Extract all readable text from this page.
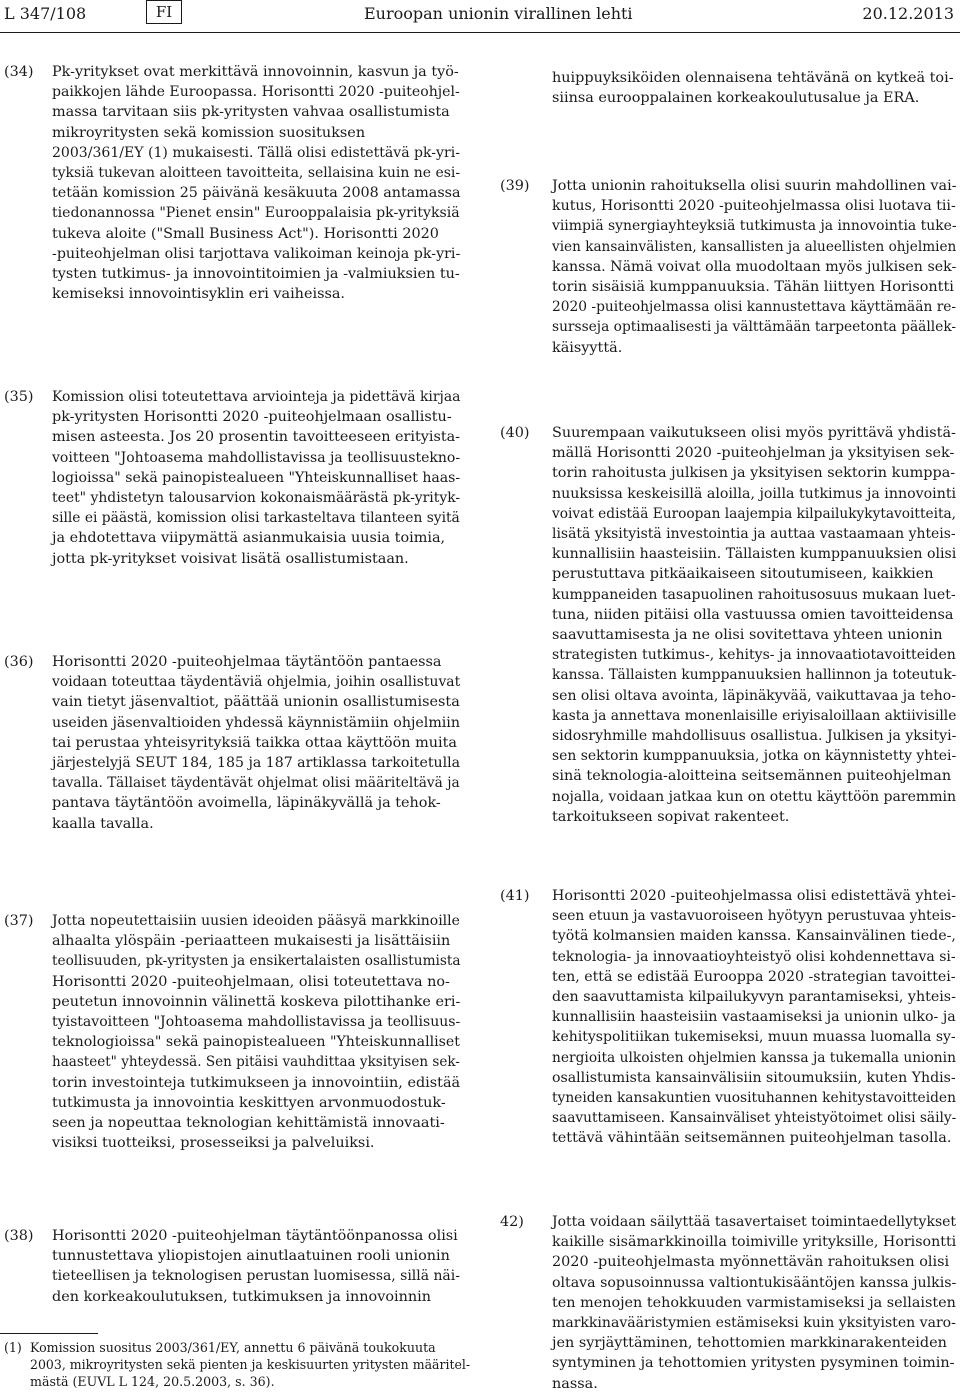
L 347/108	FI	Euroopan unionin virallinen lehti	20.12.2013
(34)	Pk-yritykset ovat merkittävä innovoinnin, kasvun ja työ-
paikkojen lähde Euroopassa. Horisontti 2020 -puiteohjel-
massa tarvitaan siis pk-yritysten vahvaa osallistumista
mikroyritysten sekä komission suosituksen
2003/361/EY (1) mukaisesti. Tällä olisi edistettävä pk-yri-
tyksiä tukevan aloitteen tavoitteita, sellaisina kuin ne esi-
tetään komission 25 päivänä kesäkuuta 2008 antamassa
tiedonannossa "Pienet ensin" Eurooppalaisia pk-yrityksiä
tukeva aloite ("Small Business Act"). Horisontti 2020
-puiteohjelman olisi tarjottava valikoiman keinoja pk-yri-
tysten tutkimus- ja innovointitoimien ja -valmiuksien tu-
kemiseksi innovointisyklin eri vaiheissa.
(35)	Komission olisi toteutettava arviointeja ja pidettävä kirjaa
pk-yritysten Horisontti 2020 -puiteohjelmaan osallistu-
misen asteesta. Jos 20 prosentin tavoitteeseen erityista-
voitteen "Johtoasema mahdollistavissa ja teollisuusteknо-
logioissa" sekä painopistealueen "Yhteiskunnalliset haas-
teet" yhdistetyn talousarvion kokonaismäärästä pk-yrityk-
sille ei päästä, komission olisi tarkasteltava tilanteen syitä
ja ehdotettava viipymättä asianmukaisia uusia toimia,
jotta pk-yritykset voisivat lisätä osallistumistaan.
(36)	Horisontti 2020 -puiteohjelmaa täytäntöön pantaessa
voidaan toteuttaa täydentäviä ohjelmia, joihin osallistuvat
vain tietyt jäsenvaltiot, päättää unionin osallistumisesta
useiden jäsenvaltioiden yhdessä käynnistämiin ohjelmiin
tai perustaa yhteisyrityksiä taikka ottaa käyttöön muita
järjestelyjä SEUT 184, 185 ja 187 artiklassa tarkoitetulla
tavalla. Tällaiset täydentävät ohjelmat olisi määriteltävä ja
pantava täytäntöön avoimella, läpinäkyvällä ja tehok-
kaalla tavalla.
(37)	Jotta nopeutettaisiin uusien ideoiden pääsyä markkinoille
alhaalta ylöspäin -periaatteen mukaisesti ja lisättäisiin
teollisuuden, pk-yritysten ja ensikertalaisten osallistumista
Horisontti 2020 -puiteohjelmaan, olisi toteutettava no-
peutetun innovoinnin välinettä koskeva pilottihanke eri-
tyistavoitteen "Johtoasema mahdollistavissa ja teollisuus-
teknologioissa" sekä painopistealueen "Yhteiskunnalliset
haasteet" yhteydessä. Sen pitäisi vauhdittaa yksityisen sek-
torin investointeja tutkimukseen ja innovointiin, edistää
tutkimusta ja innovointia keskittyen arvonmuodostuk-
seen ja nopeuttaa teknologian kehittämistä innovaati-
visiksi tuotteiksi, prosesseiksi ja palveluiksi.
(38)	Horisontti 2020 -puiteohjelman täytäntöönpanossa olisi
tunnustettava yliopistojen ainutlaatuinen rooli unionin
tieteellisen ja teknologisen perustan luomisessa, sillä näi-
den korkeakoulutuksen, tutkimuksen ja innovoinnin
(1) Komission suositus 2003/361/EY, annettu 6 päivänä toukokuuta
2003, mikroyritysten sekä pienten ja keskisuurten yritysten määritel-
mästä (EUVL L 124, 20.5.2003, s. 36).
huippuyksiköiden olennaisena tehtävänä on kytkeä toi-
siinsa eurooppalainen korkeakoulutusalue ja ERA.
(39)	Jotta unionin rahoituksella olisi suurin mahdollinen vai-
kutus, Horisontti 2020 -puiteohjelmassa olisi luotava tii-
viimpiä synergiayhteyksiä tutkimusta ja innovointia tuke-
vien kansainvälisten, kansallisten ja alueellisten ohjelmien
kanssa. Nämä voivat olla muodoltaan myös julkisen sek-
torin sisäisiä kumppanuuksia. Tähän liittyen Horisontti
2020 -puiteohjelmassa olisi kannustettava käyttämään re-
sursseja optimaalisesti ja välttämään tarpeetonta päällek-
käisyyttä.
(40)	Suurempaan vaikutukseen olisi myös pyrittävä yhdistä-
mällä Horisontti 2020 -puiteohjelman ja yksityisen sek-
torin rahoitusta julkisen ja yksityisen sektorin kumppa-
nuuksissa keskeisillä aloilla, joilla tutkimus ja innovointi
voivat edistää Euroopan laajempia kilpailukykytavoitteita,
lisätä yksityistä investointia ja auttaa vastaamaan yhteis-
kunnallisiin haasteisiin. Tällaisten kumppanuuksien olisi
perustuttava pitkäaikaiseen sitoutumiseen, kaikkien
kumppaneiden tasapuolinen rahoitusosuus mukaan luet-
tuna, niiden pitäisi olla vastuussa omien tavoitteidensa
saavuttamisesta ja ne olisi sovitettava yhteen unionin
strategisten tutkimus-, kehitys- ja innovaatiotavoitteiden
kanssa. Tällaisten kumppanuuksien hallinnon ja toteutuk-
sen olisi oltava avointa, läpinäkyvää, vaikuttavaa ja teho-
kasta ja annettava monenlaisille eriyisaloillaan aktiivisille
sidosryhmille mahdollisuus osallistua. Julkisen ja yksityi-
sen sektorin kumppanuuksia, jotka on käynnistetty yhtei-
sinä teknologia-aloitteina seitsemännen puiteohjelman
nojalla, voidaan jatkaa kun on otettu käyttöön paremmin
tarkoitukseen sopivat rakenteet.
(41)	Horisontti 2020 -puiteohjelmassa olisi edistettävä yhtei-
seen etuun ja vastavuoroiseen hyötyyn perustuvaa yhteis-
työtä kolmansien maiden kanssa. Kansainvälinen tiede-,
teknologia- ja innovaatioyhteistyö olisi kohdennettava si-
ten, että se edistää Eurooppa 2020 -strategian tavoittei-
den saavuttamista kilpailukyvyn parantamiseksi, yhteis-
kunnallisiin haasteisiin vastaamiseksi ja unionin ulko- ja
kehityspolitiikan tukemiseksi, muun muassa luomalla sy-
nergioita ulkoisten ohjelmien kanssa ja tukemalla unionin
osallistumista kansainvälisiin sitoumuksiin, kuten Yhdis-
tyneiden kansakuntien vuosituhannen kehitystavoitteiden
saavuttamiseen. Kansainväliset yhteistyötoimet olisi säily-
tettävä vähintään seitsemännen puiteohjelman tasolla.
42)	Jotta voidaan säilyttää tasavertaiset toimintaedellytykset
kaikille sisämarkkinoilla toimiville yrityksille, Horisontti
2020 -puiteohjelmasta myönnettävän rahoituksen olisi
oltava sopusoinnussa valtiontukisääntöjen kanssa julkis-
ten menojen tehokkuuden varmistamiseksi ja sellaisten
markkinavääristymien estämiseksi kuin yksityisten varo-
jen syrjäyttäminen, tehottomien markkinarakenteiden
syntyminen ja tehottomien yritysten pysyminen toimin-
nassa.
